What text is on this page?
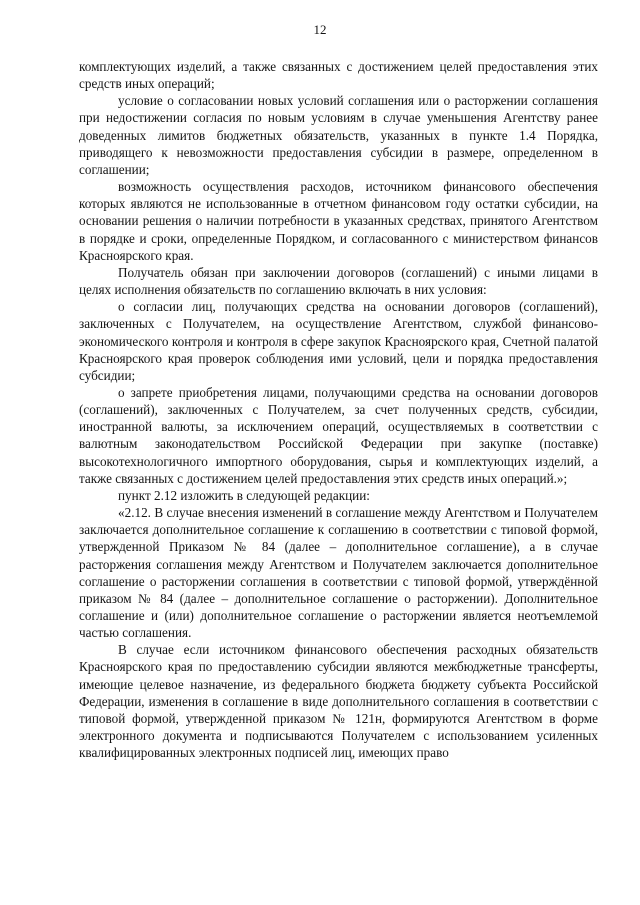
12

комплектующих изделий, а также связанных с достижением целей предоставления этих средств иных операций;

условие о согласовании новых условий соглашения или о расторжении соглашения при недостижении согласия по новым условиям в случае уменьшения Агентству ранее доведенных лимитов бюджетных обязательств, указанных в пункте 1.4 Порядка, приводящего к невозможности предоставления субсидии в размере, определенном в соглашении;

возможность осуществления расходов, источником финансового обеспечения которых являются не использованные в отчетном финансовом году остатки субсидии, на основании решения о наличии потребности в указанных средствах, принятого Агентством в порядке и сроки, определенные Порядком, и согласованного с министерством финансов Красноярского края.

Получатель обязан при заключении договоров (соглашений) с иными лицами в целях исполнения обязательств по соглашению включать в них условия:

о согласии лиц, получающих средства на основании договоров (соглашений), заключенных с Получателем, на осуществление Агентством, службой финансово-экономического контроля и контроля в сфере закупок Красноярского края, Счетной палатой Красноярского края проверок соблюдения ими условий, цели и порядка предоставления субсидии;

о запрете приобретения лицами, получающими средства на основании договоров (соглашений), заключенных с Получателем, за счет полученных средств, субсидии, иностранной валюты, за исключением операций, осуществляемых в соответствии с валютным законодательством Российской Федерации при закупке (поставке) высокотехнологичного импортного оборудования, сырья и комплектующих изделий, а также связанных с достижением целей предоставления этих средств иных операций.»;

пункт 2.12 изложить в следующей редакции:

«2.12. В случае внесения изменений в соглашение между Агентством и Получателем заключается дополнительное соглашение к соглашению в соответствии с типовой формой, утвержденной Приказом № 84 (далее – дополнительное соглашение), а в случае расторжения соглашения между Агентством и Получателем заключается дополнительное соглашение о расторжении соглашения в соответствии с типовой формой, утверждённой приказом № 84 (далее – дополнительное соглашение о расторжении). Дополнительное соглашение и (или) дополнительное соглашение о расторжении является неотъемлемой частью соглашения.

В случае если источником финансового обеспечения расходных обязательств Красноярского края по предоставлению субсидии являются межбюджетные трансферты, имеющие целевое назначение, из федерального бюджета бюджету субъекта Российской Федерации, изменения в соглашение в виде дополнительного соглашения в соответствии с типовой формой, утвержденной приказом № 121н, формируются Агентством в форме электронного документа и подписываются Получателем с использованием усиленных квалифицированных электронных подписей лиц, имеющих право
